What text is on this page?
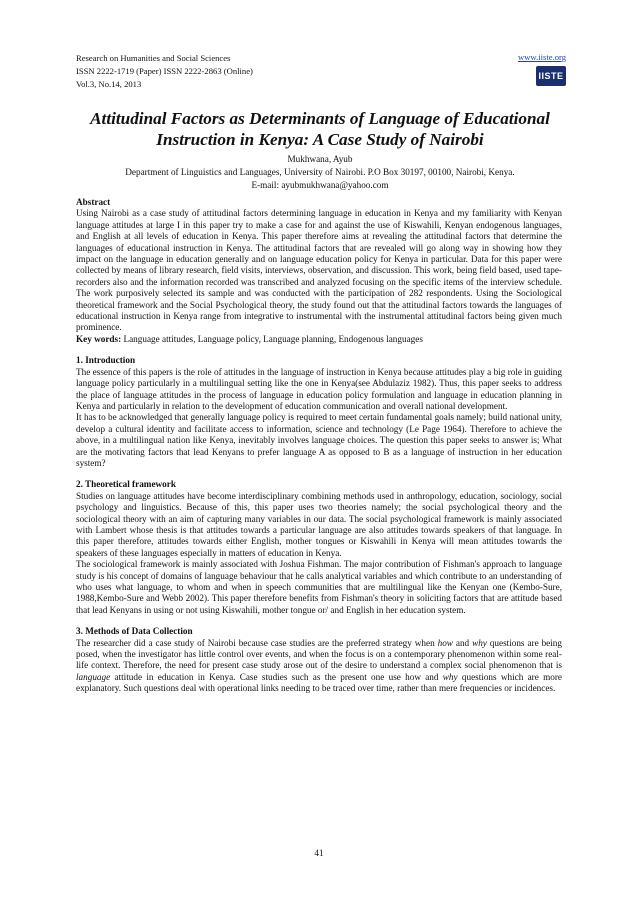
Research on Humanities and Social Sciences
ISSN 2222-1719 (Paper) ISSN 2222-2863 (Online)
Vol.3, No.14, 2013
www.iiste.org
IISTE
Attitudinal Factors as Determinants of Language of Educational Instruction in Kenya: A Case Study of Nairobi
Mukhwana, Ayub
Department of Linguistics and Languages, University of Nairobi. P.O Box 30197, 00100, Nairobi, Kenya.
E-mail: ayubmukhwana@yahoo.com

Abstract

Using Nairobi as a case study of attitudinal factors determining language in education in Kenya and my familiarity with Kenyan language attitudes at large I in this paper try to make a case for and against the use of Kiswahili, Kenyan endogenous languages, and English at all levels of education in Kenya. This paper therefore aims at revealing the attitudinal factors that determine the languages of educational instruction in Kenya. The attitudinal factors that are revealed will go along way in showing how they impact on the language in education generally and on language education policy for Kenya in particular. Data for this paper were collected by means of library research, field visits, interviews, observation, and discussion. This work, being field based, used tape-recorders also and the information recorded was transcribed and analyzed focusing on the specific items of the interview schedule. The work purposively selected its sample and was conducted with the participation of 282 respondents. Using the Sociological theoretical framework and the Social Psychological theory, the study found out that the attitudinal factors towards the languages of educational instruction in Kenya range from integrative to instrumental with the instrumental attitudinal factors being given much prominence.

Key words: Language attitudes, Language policy, Language planning, Endogenous languages

1. Introduction

The essence of this papers is the role of attitudes in the language of instruction in Kenya because attitudes play a big role in guiding language policy particularly in a multilingual setting like the one in Kenya(see Abdulaziz 1982). Thus, this paper seeks to address the place of language attitudes in the process of language in education policy formulation and language in education planning in Kenya and particularly in relation to the development of education communication and overall national development.

It has to be acknowledged that generally language policy is required to meet certain fundamental goals namely; build national unity, develop a cultural identity and facilitate access to information, science and technology (Le Page 1964). Therefore to achieve the above, in a multilingual nation like Kenya, inevitably involves language choices. The question this paper seeks to answer is; What are the motivating factors that lead Kenyans to prefer language A as opposed to B as a language of instruction in her education system?

2. Theoretical framework

Studies on language attitudes have become interdisciplinary combining methods used in anthropology, education, sociology, social psychology and linguistics. Because of this, this paper uses two theories namely; the social psychological theory and the sociological theory with an aim of capturing many variables in our data. The social psychological framework is mainly associated with Lambert whose thesis is that attitudes towards a particular language are also attitudes towards speakers of that language. In this paper therefore, attitudes towards either English, mother tongues or Kiswahili in Kenya will mean attitudes towards the speakers of these languages especially in matters of education in Kenya.

The sociological framework is mainly associated with Joshua Fishman. The major contribution of Fishman's approach to language study is his concept of domains of language behaviour that he calls analytical variables and which contribute to an understanding of who uses what language, to whom and when in speech communities that are multilingual like the Kenyan one (Kembo-Sure, 1988,Kembo-Sure and Webb 2002). This paper therefore benefits from Fishman's theory in soliciting factors that are attitude based that lead Kenyans in using or not using Kiswahili, mother tongue or/ and English in her education system.

3. Methods of Data Collection

The researcher did a case study of Nairobi because case studies are the preferred strategy when how and why questions are being posed, when the investigator has little control over events, and when the focus is on a contemporary phenomenon within some real-life context. Therefore, the need for present case study arose out of the desire to understand a complex social phenomenon that is language attitude in education in Kenya. Case studies such as the present one use how and why questions which are more explanatory. Such questions deal with operational links needing to be traced over time, rather than mere frequencies or incidences.

41
